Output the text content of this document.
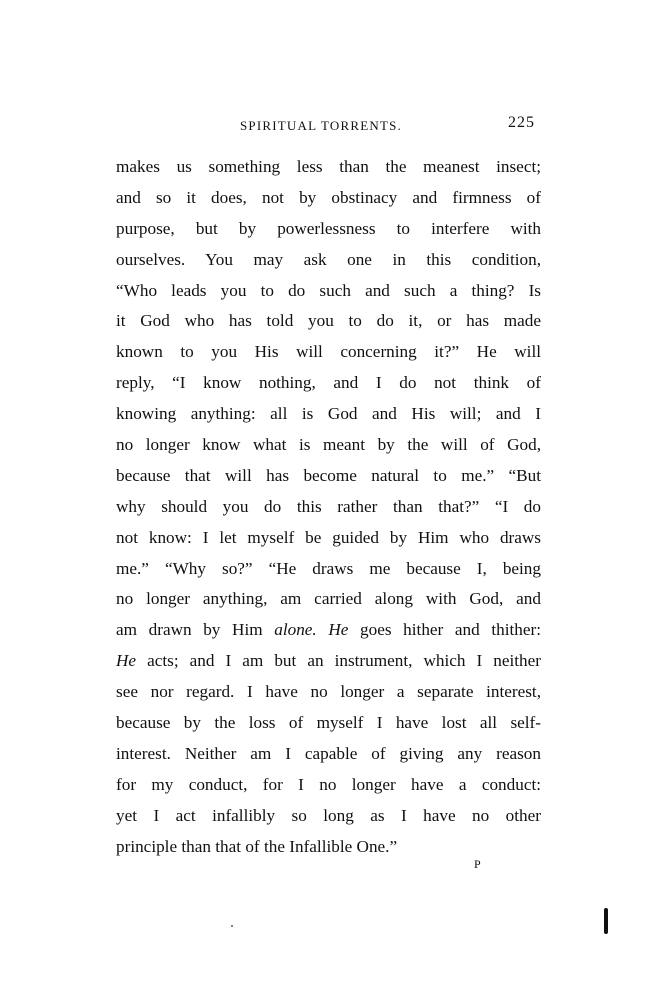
SPIRITUAL TORRENTS.	225
makes us something less than the meanest insect;
and so it does, not by obstinacy and firmness of
purpose, but by powerlessness to interfere with
ourselves. You may ask one in this condition,
“Who leads you to do such and such a thing? Is
it God who has told you to do it, or has made
known to you His will concerning it?” He will
reply, “I know nothing, and I do not think of
knowing anything: all is God and His will; and I
no longer know what is meant by the will of God,
because that will has become natural to me.” “But
why should you do this rather than that?” “I do
not know: I let myself be guided by Him who draws
me.” “Why so?” “He draws me because I, being
no longer anything, am carried along with God, and
am drawn by Him alone. He goes hither and thither:
He acts; and I am but an instrument, which I neither
see nor regard. I have no longer a separate interest,
because by the loss of myself I have lost all self-
interest. Neither am I capable of giving any reason
for my conduct, for I no longer have a conduct:
yet I act infallibly so long as I have no other
principle than that of the Infallible One.”
P
